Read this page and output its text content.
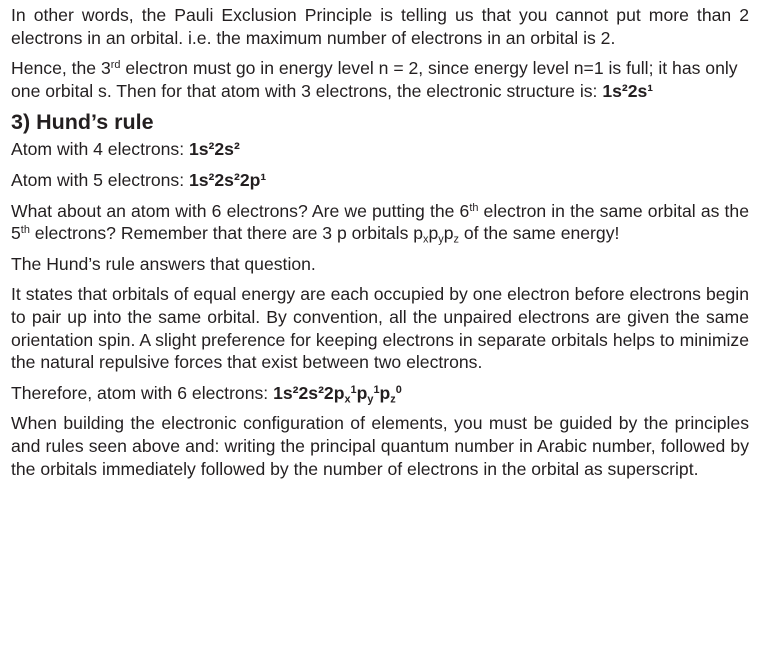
In other words, the Pauli Exclusion Principle is telling us that you cannot put more than 2 electrons in an orbital. i.e. the maximum number of electrons in an orbital is 2.

Hence, the 3rd electron must go in energy level n = 2, since energy level n=1 is full; it has only one orbital s. Then for that atom with 3 electrons, the electronic structure is: 1s²2s¹

3) Hund’s rule

Atom with 4 electrons: 1s²2s²

Atom with 5 electrons: 1s²2s²2p¹

What about an atom with 6 electrons? Are we putting the 6th electron in the same orbital as the 5th electrons? Remember that there are 3 p orbitals $p_xp_yp_z$ of the same energy!

The Hund’s rule answers that question.

It states that orbitals of equal energy are each occupied by one electron before electrons begin to pair up into the same orbital. By convention, all the unpaired electrons are given the same orientation spin. A slight preference for keeping electrons in separate orbitals helps to minimize the natural repulsive forces that exist between two electrons.

Therefore, atom with 6 electrons: $1s^22s^22p_x^1p_y^1p_z^0$

When building the electronic configuration of elements, you must be guided by the principles and rules seen above and: writing the principal quantum number in Arabic number, followed by the orbitals immediately followed by the number of electrons in the orbital as superscript.
